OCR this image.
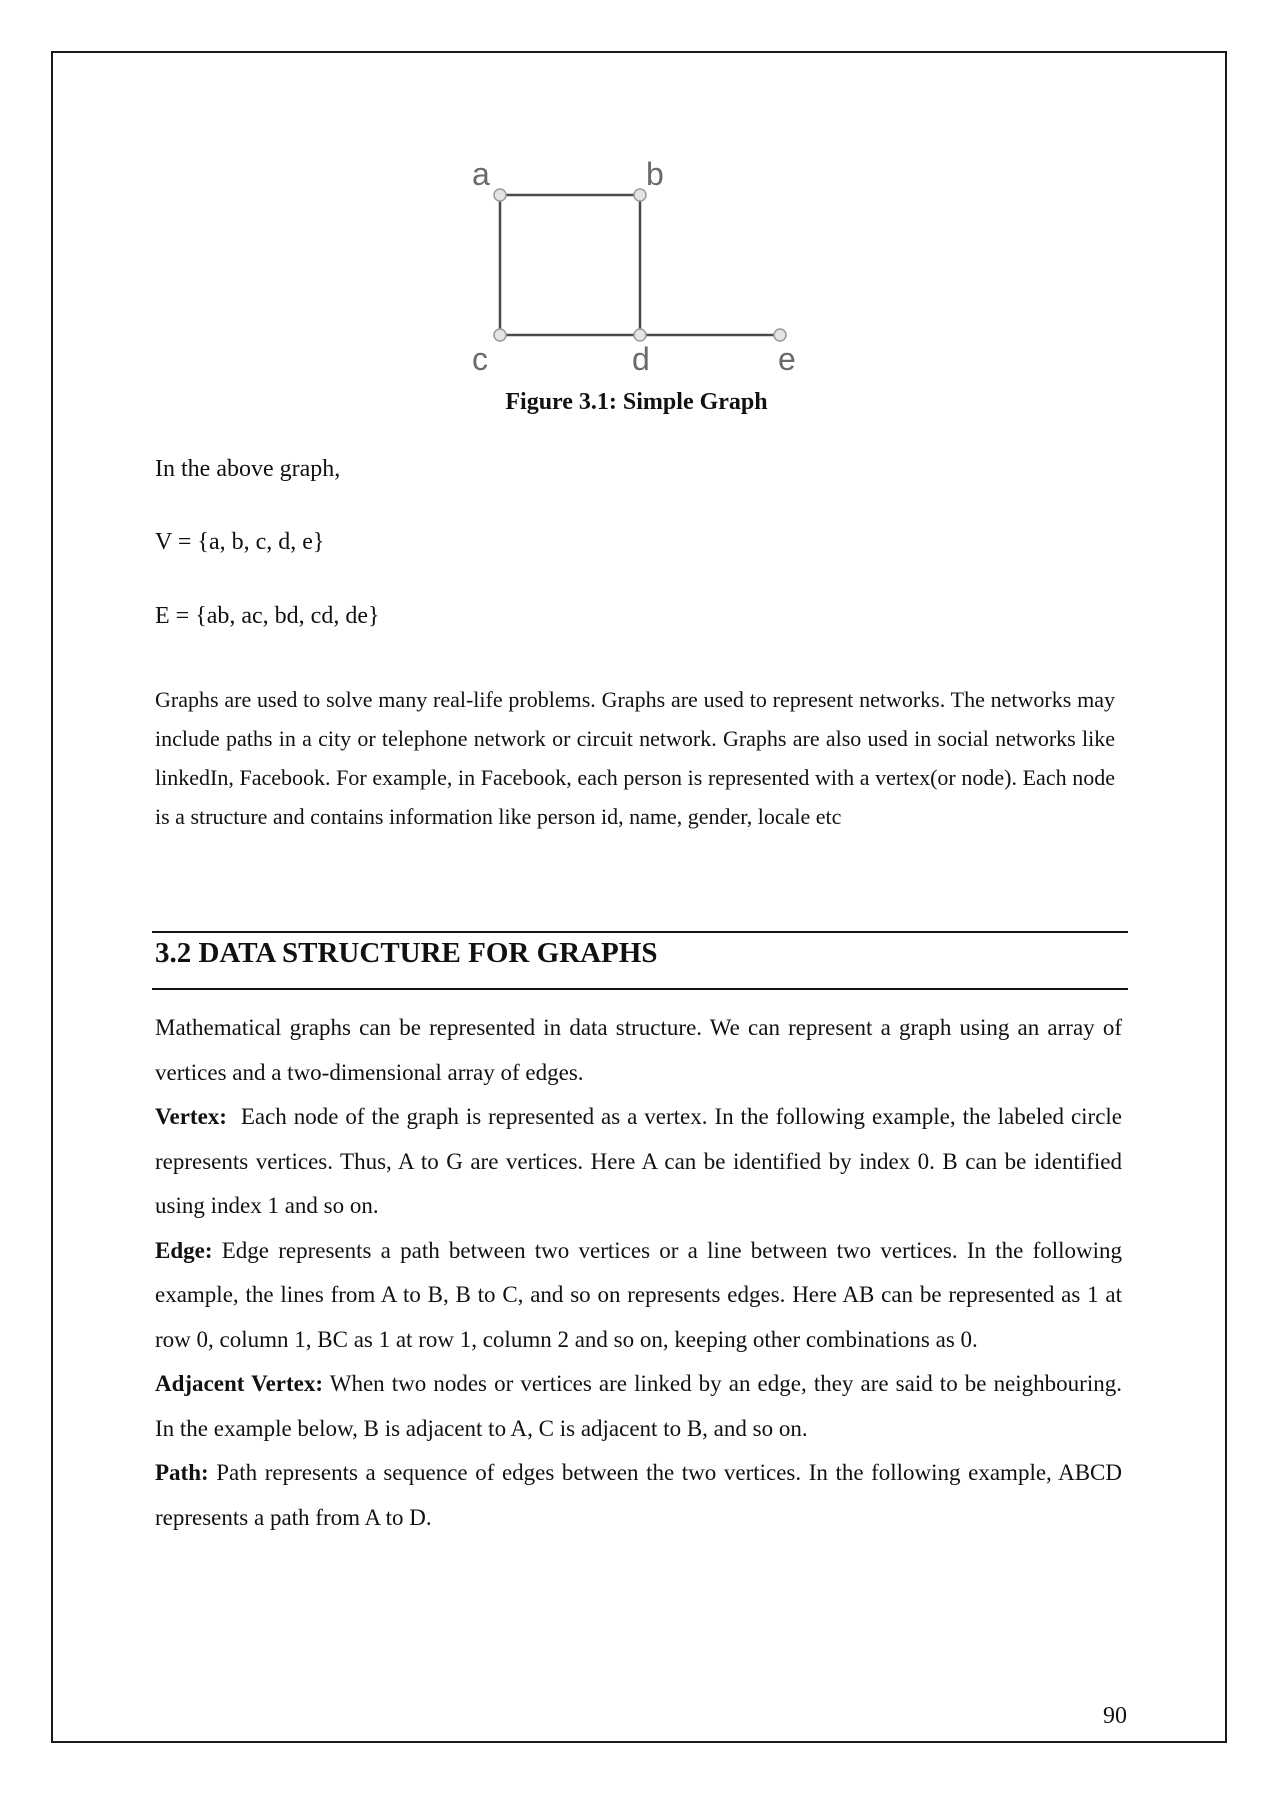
a	b
c	d	e
Figure 3.1: Simple Graph
In the above graph,
V = {a, b, c, d, e}
E = {ab, ac, bd, cd, de}

Graphs are used to solve many real-life problems. Graphs are used to represent networks. The networks may include paths in a city or telephone network or circuit network. Graphs are also used in social networks like linkedIn, Facebook. For example, in Facebook, each person is represented with a vertex(or node). Each node is a structure and contains information like person id, name, gender, locale etc

3.2 DATA STRUCTURE FOR GRAPHS

Mathematical graphs can be represented in data structure. We can represent a graph using an array of vertices and a two-dimensional array of edges.

Vertex: Each node of the graph is represented as a vertex. In the following example, the labeled circle represents vertices. Thus, A to G are vertices. Here A can be identified by index 0. B can be identified using index 1 and so on.

Edge: Edge represents a path between two vertices or a line between two vertices. In the following example, the lines from A to B, B to C, and so on represents edges. Here AB can be represented as 1 at row 0, column 1, BC as 1 at row 1, column 2 and so on, keeping other combinations as 0.

Adjacent Vertex: When two nodes or vertices are linked by an edge, they are said to be neighbouring. In the example below, B is adjacent to A, C is adjacent to B, and so on.

Path: Path represents a sequence of edges between the two vertices. In the following example, ABCD represents a path from A to D.

90
